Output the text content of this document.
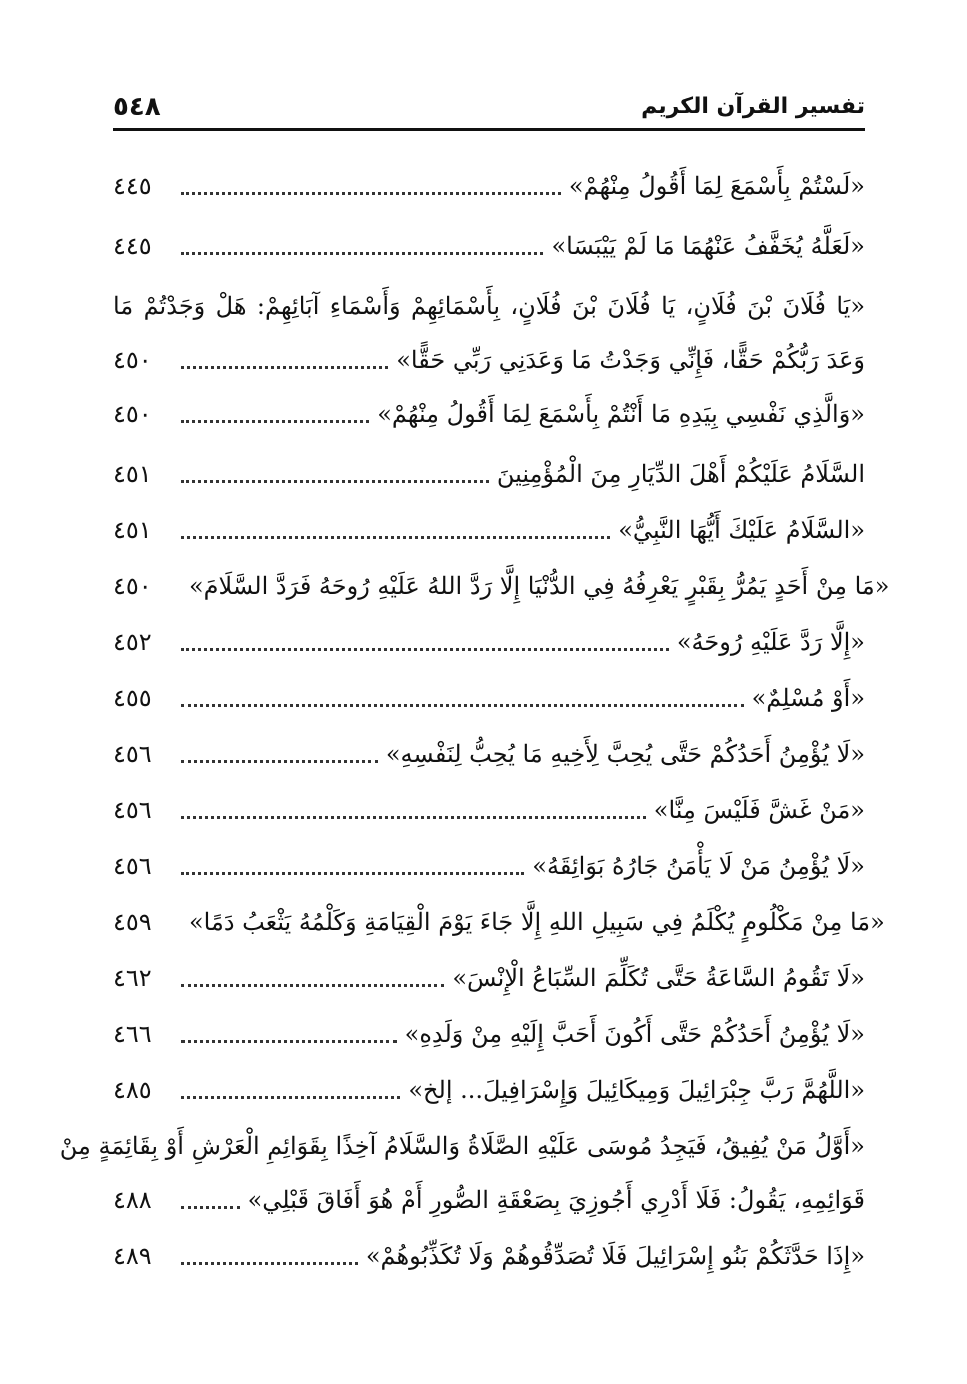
٥٤٨	تفسير القرآن الكريم
«لَسْتُمْ بِأَسْمَعَ لِمَا أَقُولُ مِنْهُمْ»
٤٤٥
«لَعَلَّهُ يُخَفَّفُ عَنْهُمَا مَا لَمْ يَيْبَسَا»
٤٤٥
«يَا فُلَانَ بْنَ فُلَانٍ، يَا فُلَانَ بْنَ فُلَانٍ، بِأَسْمَائِهِمْ وَأَسْمَاءِ آبَائِهِمْ: هَلْ وَجَدْتُمْ مَا
وَعَدَ رَبُّكُمْ حَقًّا، فَإِنِّي وَجَدْتُ مَا وَعَدَنِي رَبِّي حَقًّا»
٤٥٠
«وَالَّذِي نَفْسِي بِيَدِهِ مَا أَنْتُمْ بِأَسْمَعَ لِمَا أَقُولُ مِنْهُمْ»
٤٥٠
السَّلَامُ عَلَيْكُمْ أَهْلَ الدِّيَارِ مِنَ الْمُؤْمِنِينَ
٤٥١
«السَّلَامُ عَلَيْكَ أَيُّهَا النَّبِيُّ»
٤٥١
«مَا مِنْ أَحَدٍ يَمُرُّ بِقَبْرٍ يَعْرِفُهُ فِي الدُّنْيَا إِلَّا رَدَّ اللهُ عَلَيْهِ رُوحَهُ فَرَدَّ السَّلَامَ»
٤٥٠
«إِلَّا رَدَّ عَلَيْهِ رُوحَهُ»
٤٥٢
«أَوْ مُسْلِمٌ»
٤٥٥
«لَا يُؤْمِنُ أَحَدُكُمْ حَتَّى يُحِبَّ لِأَخِيهِ مَا يُحِبُّ لِنَفْسِهِ»
٤٥٦
«مَنْ غَشَّ فَلَيْسَ مِنَّا»
٤٥٦
«لَا يُؤْمِنُ مَنْ لَا يَأْمَنُ جَارُهُ بَوَائِقَهُ»
٤٥٦
«مَا مِنْ مَكْلُومٍ يُكْلَمُ فِي سَبِيلِ اللهِ إِلَّا جَاءَ يَوْمَ الْقِيَامَةِ وَكَلْمُهُ يَثْعَبُ دَمًا»
٤٥٩
«لَا تَقُومُ السَّاعَةُ حَتَّى تُكَلِّمَ السِّبَاعُ الْإِنْسَ»
٤٦٢
«لَا يُؤْمِنُ أَحَدُكُمْ حَتَّى أَكُونَ أَحَبَّ إِلَيْهِ مِنْ وَلَدِهِ»
٤٦٦
«اللَّهُمَّ رَبَّ جِبْرَائِيلَ وَمِيكَائِيلَ وَإِسْرَافِيلَ... إلخ»
٤٨٥
«أَوَّلُ مَنْ يُفِيقُ، فَيَجِدُ مُوسَى عَلَيْهِ الصَّلَاةُ وَالسَّلَامُ آخِذًا بِقَوَائِمِ الْعَرْشِ أَوْ بِقَائِمَةٍ مِنْ
قَوَائِمِهِ، يَقُولُ: فَلَا أَدْرِي أَجُوزِيَ بِصَعْقَةِ الصُّورِ أَمْ هُوَ أَفَاقَ قَبْلِي»
٤٨٨
«إِذَا حَدَّثَكُمْ بَنُو إِسْرَائِيلَ فَلَا تُصَدِّقُوهُمْ وَلَا تُكَذِّبُوهُمْ»
٤٨٩
